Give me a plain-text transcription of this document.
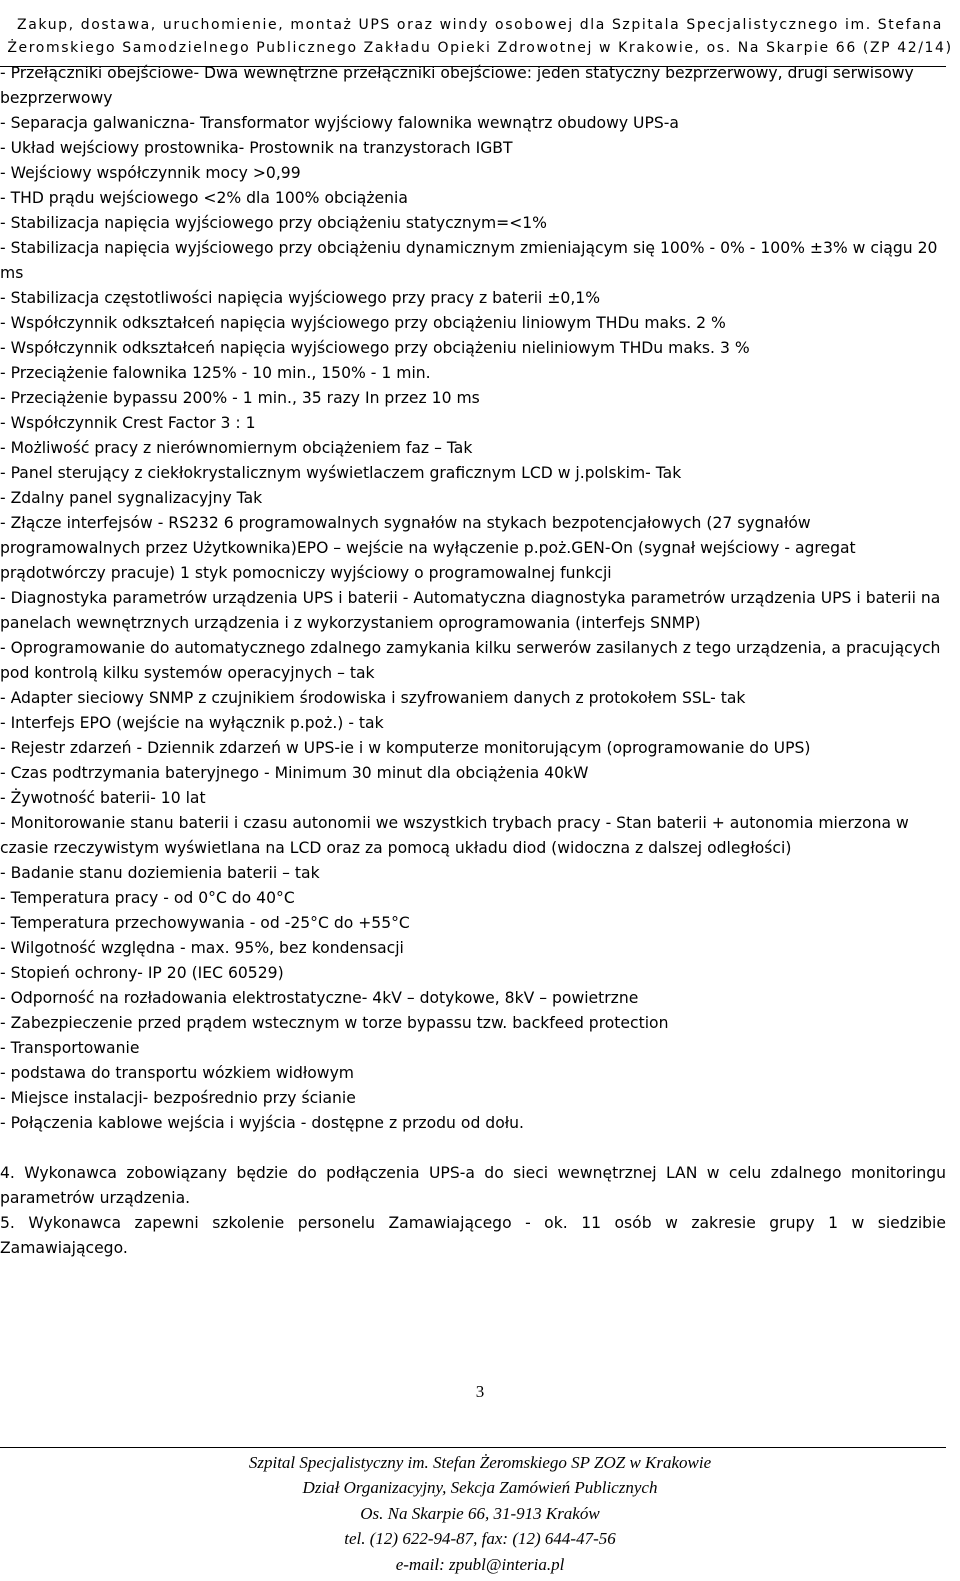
Zakup, dostawa, uruchomienie, montaż UPS oraz windy osobowej dla Szpitala Specjalistycznego im. Stefana
Żeromskiego Samodzielnego Publicznego Zakładu Opieki Zdrowotnej w Krakowie, os. Na Skarpie 66 (ZP 42/14)

- Przełączniki obejściowe- Dwa wewnętrzne przełączniki obejściowe: jeden statyczny bezprzerwowy, drugi serwisowy bezprzerwowy

- Separacja galwaniczna- Transformator wyjściowy falownika wewnątrz obudowy UPS-a

- Układ wejściowy prostownika- Prostownik na tranzystorach IGBT

- Wejściowy współczynnik mocy >0,99

- THD prądu wejściowego <2% dla 100% obciążenia

- Stabilizacja napięcia wyjściowego przy obciążeniu statycznym=<1%

- Stabilizacja napięcia wyjściowego przy obciążeniu dynamicznym zmieniającym się 100% - 0% - 100% ±3% w ciągu 20 ms

- Stabilizacja częstotliwości napięcia wyjściowego przy pracy z baterii ±0,1%

- Współczynnik odkształceń napięcia wyjściowego przy obciążeniu liniowym THDu maks. 2 %

- Współczynnik odkształceń napięcia wyjściowego przy obciążeniu nieliniowym THDu maks. 3 %

- Przeciążenie falownika 125% - 10 min., 150% - 1 min.

- Przeciążenie bypassu 200% - 1 min., 35 razy In przez 10 ms

- Współczynnik Crest Factor 3 : 1

- Możliwość pracy z nierównomiernym obciążeniem faz – Tak

- Panel sterujący z ciekłokrystalicznym wyświetlaczem graficznym LCD w j.polskim- Tak

- Zdalny panel sygnalizacyjny Tak

- Złącze interfejsów - RS232 6 programowalnych sygnałów na stykach bezpotencjałowych (27 sygnałów programowalnych przez Użytkownika)EPO – wejście na wyłączenie p.poż.GEN-On (sygnał wejściowy - agregat prądotwórczy pracuje) 1 styk pomocniczy wyjściowy o programowalnej funkcji

- Diagnostyka parametrów urządzenia UPS i baterii - Automatyczna diagnostyka parametrów urządzenia UPS i baterii na panelach wewnętrznych urządzenia i z wykorzystaniem oprogramowania (interfejs SNMP)

- Oprogramowanie do automatycznego zdalnego zamykania kilku serwerów zasilanych z tego urządzenia, a pracujących pod kontrolą kilku systemów operacyjnych – tak

- Adapter sieciowy SNMP z czujnikiem środowiska i szyfrowaniem danych z protokołem SSL- tak

- Interfejs EPO (wejście na wyłącznik p.poż.) - tak

- Rejestr zdarzeń - Dziennik zdarzeń w UPS-ie i w komputerze monitorującym (oprogramowanie do UPS)

- Czas podtrzymania bateryjnego - Minimum 30 minut dla obciążenia 40kW

- Żywotność baterii- 10 lat

- Monitorowanie stanu baterii i czasu autonomii we wszystkich trybach pracy - Stan baterii + autonomia mierzona w czasie rzeczywistym wyświetlana na LCD oraz za pomocą układu diod (widoczna z dalszej odległości)

- Badanie stanu doziemienia baterii – tak

- Temperatura pracy - od 0°C do 40°C

- Temperatura przechowywania - od -25°C do +55°C

- Wilgotność względna - max. 95%, bez kondensacji

- Stopień ochrony- IP 20 (IEC 60529)

- Odporność na rozładowania elektrostatyczne- 4kV – dotykowe, 8kV – powietrzne

- Zabezpieczenie przed prądem wstecznym w torze bypassu tzw. backfeed protection

- Transportowanie

- podstawa do transportu wózkiem widłowym

- Miejsce instalacji- bezpośrednio przy ścianie

- Połączenia kablowe wejścia i wyjścia - dostępne z przodu od dołu.

4. Wykonawca zobowiązany będzie do podłączenia UPS-a do sieci wewnętrznej LAN w celu zdalnego monitoringu parametrów urządzenia.

5. Wykonawca zapewni szkolenie personelu Zamawiającego - ok. 11 osób w zakresie grupy 1 w siedzibie Zamawiającego.

3
Szpital Specjalistyczny im. Stefan Żeromskiego SP ZOZ w Krakowie
Dział Organizacyjny, Sekcja Zamówień Publicznych
Os. Na Skarpie 66, 31-913 Kraków
tel. (12) 622-94-87, fax: (12) 644-47-56
e-mail: zpubl@interia.pl
